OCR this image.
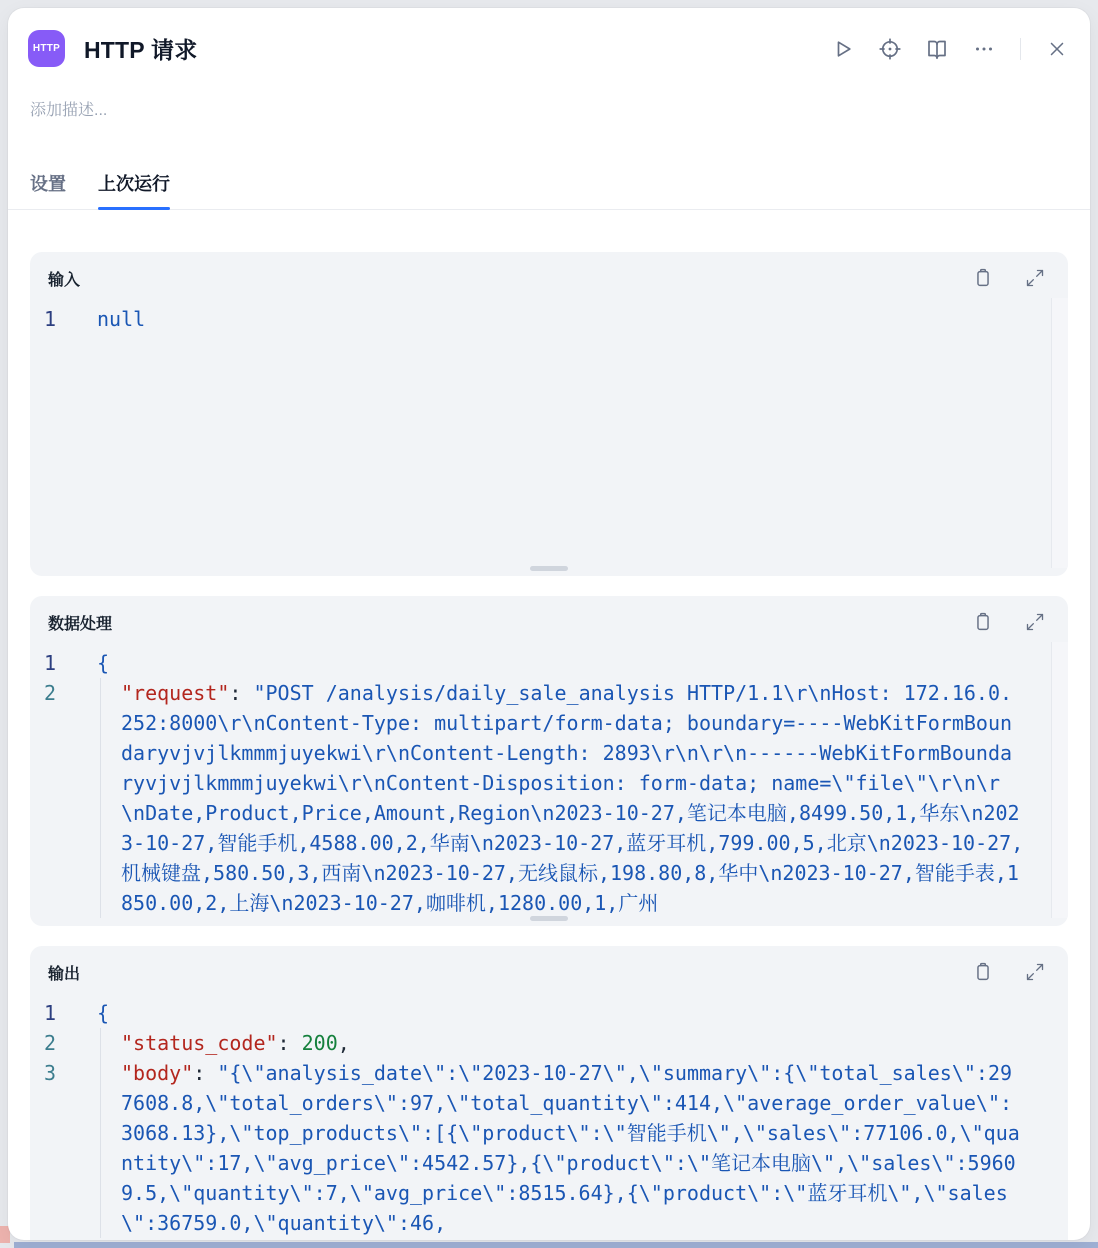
HTTP HTTP 请求
添加描述...
设置 上次运行
输入
1	null
数据处理
1	{
2	"request": "POST /analysis/daily_sale_analysis HTTP/1.1\r\nHost: 172.16.0.252:8000\r\nContent-Type: multipart/form-data; boundary=----WebKitFormBoundaryvjvjlkmmmjuyekwi\r\nContent-Length: 2893\r\n\r\n------WebKitFormBoundaryvjvjlkmmmjuyekwi\r\nContent-Disposition: form-data; name=\"file\"\r\n\r\nDate,Product,Price,Amount,Region\n2023-10-27,笔记本电脑,8499.50,1,华东\n2023-10-27,智能手机,4588.00,2,华南\n2023-10-27,蓝牙耳机,799.00,5,北京\n2023-10-27,机械键盘,580.50,3,西南\n2023-10-27,无线鼠标,198.80,8,华中\n2023-10-27,智能手表,1850.00,2,上海\n2023-10-27,咖啡机,1280.00,1,广州
输出
1	{
2	"status_code": 200,
3	"body": "{\"analysis_date\":\"2023-10-27\",\"summary\":{\"total_sales\":297608.8,\"total_orders\":97,\"total_quantity\":414,\"average_order_value\":3068.13},\"top_products\":[{\"product\":\"智能手机\",\"sales\":77106.0,\"quantity\":17,\"avg_price\":4542.57},{\"product\":\"笔记本电脑\",\"sales\":59609.5,\"quantity\":7,\"avg_price\":8515.64},{\"product\":\"蓝牙耳机\",\"sales\":36759.0,\"quantity\":46,
